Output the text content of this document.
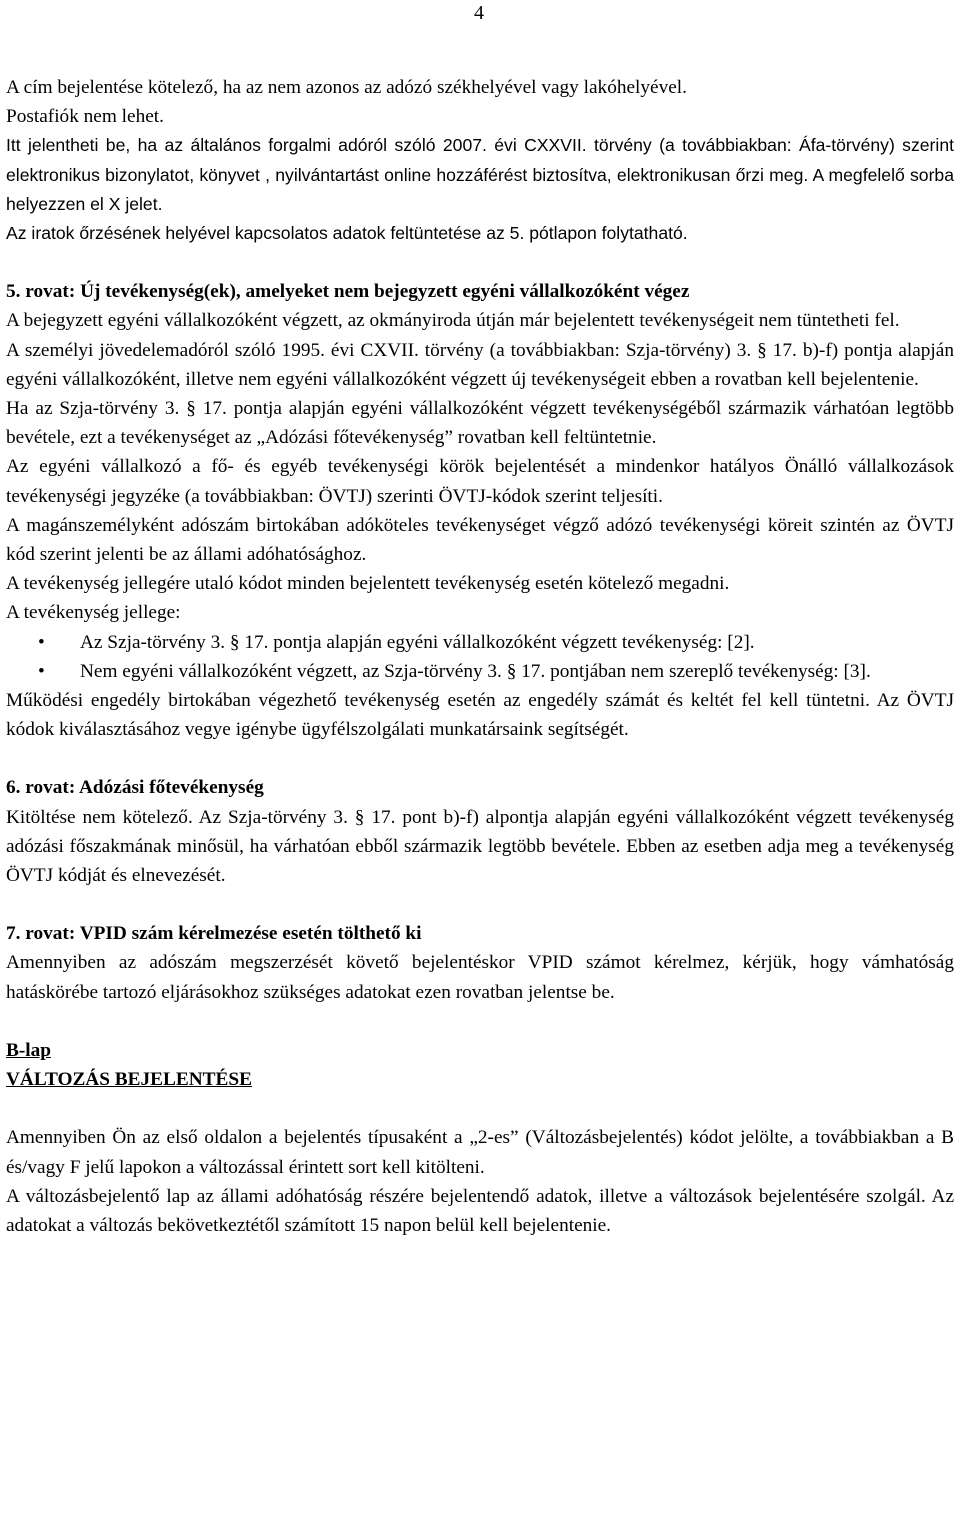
4

A cím bejelentése kötelező, ha az nem azonos az adózó székhelyével vagy lakóhelyével.

Postafiók nem lehet.

Itt jelentheti be, ha az általános forgalmi adóról szóló 2007. évi CXXVII. törvény (a továbbiakban: Áfa-törvény) szerint elektronikus bizonylatot, könyvet , nyilvántartást online hozzáférést biztosítva, elektronikusan őrzi meg. A megfelelő sorba helyezzen el X jelet.

Az iratok őrzésének helyével kapcsolatos adatok feltüntetése az 5. pótlapon folytatható.

5. rovat: Új tevékenység(ek), amelyeket nem bejegyzett egyéni vállalkozóként végez

A bejegyzett egyéni vállalkozóként végzett, az okmányiroda útján már bejelentett tevékenységeit nem tüntetheti fel.

A személyi jövedelemadóról szóló 1995. évi CXVII. törvény (a továbbiakban: Szja-törvény) 3. § 17. b)-f) pontja alapján egyéni vállalkozóként, illetve nem egyéni vállalkozóként végzett új tevékenységeit ebben a rovatban kell bejelentenie.

Ha az Szja-törvény 3. § 17. pontja alapján egyéni vállalkozóként végzett tevékenységéből származik várhatóan legtöbb bevétele, ezt a tevékenységet az „Adózási főtevékenység” rovatban kell feltüntetnie.

Az egyéni vállalkozó a fő- és egyéb tevékenységi körök bejelentését a mindenkor hatályos Önálló vállalkozások tevékenységi jegyzéke (a továbbiakban: ÖVTJ) szerinti ÖVTJ-kódok szerint teljesíti.

A magánszemélyként adószám birtokában adóköteles tevékenységet végző adózó tevékenységi köreit szintén az ÖVTJ kód szerint jelenti be az állami adóhatósághoz.

A tevékenység jellegére utaló kódot minden bejelentett tevékenység esetén kötelező megadni.

A tevékenység jellege:

• Az Szja-törvény 3. § 17. pontja alapján egyéni vállalkozóként végzett tevékenység: [2].
• Nem egyéni vállalkozóként végzett, az Szja-törvény 3. § 17. pontjában nem szereplő tevékenység: [3].

Működési engedély birtokában végezhető tevékenység esetén az engedély számát és keltét fel kell tüntetni. Az ÖVTJ kódok kiválasztásához vegye igénybe ügyfélszolgálati munkatársaink segítségét.

6. rovat: Adózási főtevékenység

Kitöltése nem kötelező. Az Szja-törvény 3. § 17. pont b)-f) alpontja alapján egyéni vállalkozóként végzett tevékenység adózási főszakmának minősül, ha várhatóan ebből származik legtöbb bevétele. Ebben az esetben adja meg a tevékenység ÖVTJ kódját és elnevezését.

7. rovat: VPID szám kérelmezése esetén tölthető ki

Amennyiben az adószám megszerzését követő bejelentéskor VPID számot kérelmez, kérjük, hogy vámhatóság hatáskörébe tartozó eljárásokhoz szükséges adatokat ezen rovatban jelentse be.

B-lap

VÁLTOZÁS BEJELENTÉSE

Amennyiben Ön az első oldalon a bejelentés típusaként a „2-es” (Változásbejelentés) kódot jelölte, a továbbiakban a B és/vagy F jelű lapokon a változással érintett sort kell kitölteni.

A változásbejelentő lap az állami adóhatóság részére bejelentendő adatok, illetve a változások bejelentésére szolgál. Az adatokat a változás bekövetkeztétől számított 15 napon belül kell bejelentenie.
